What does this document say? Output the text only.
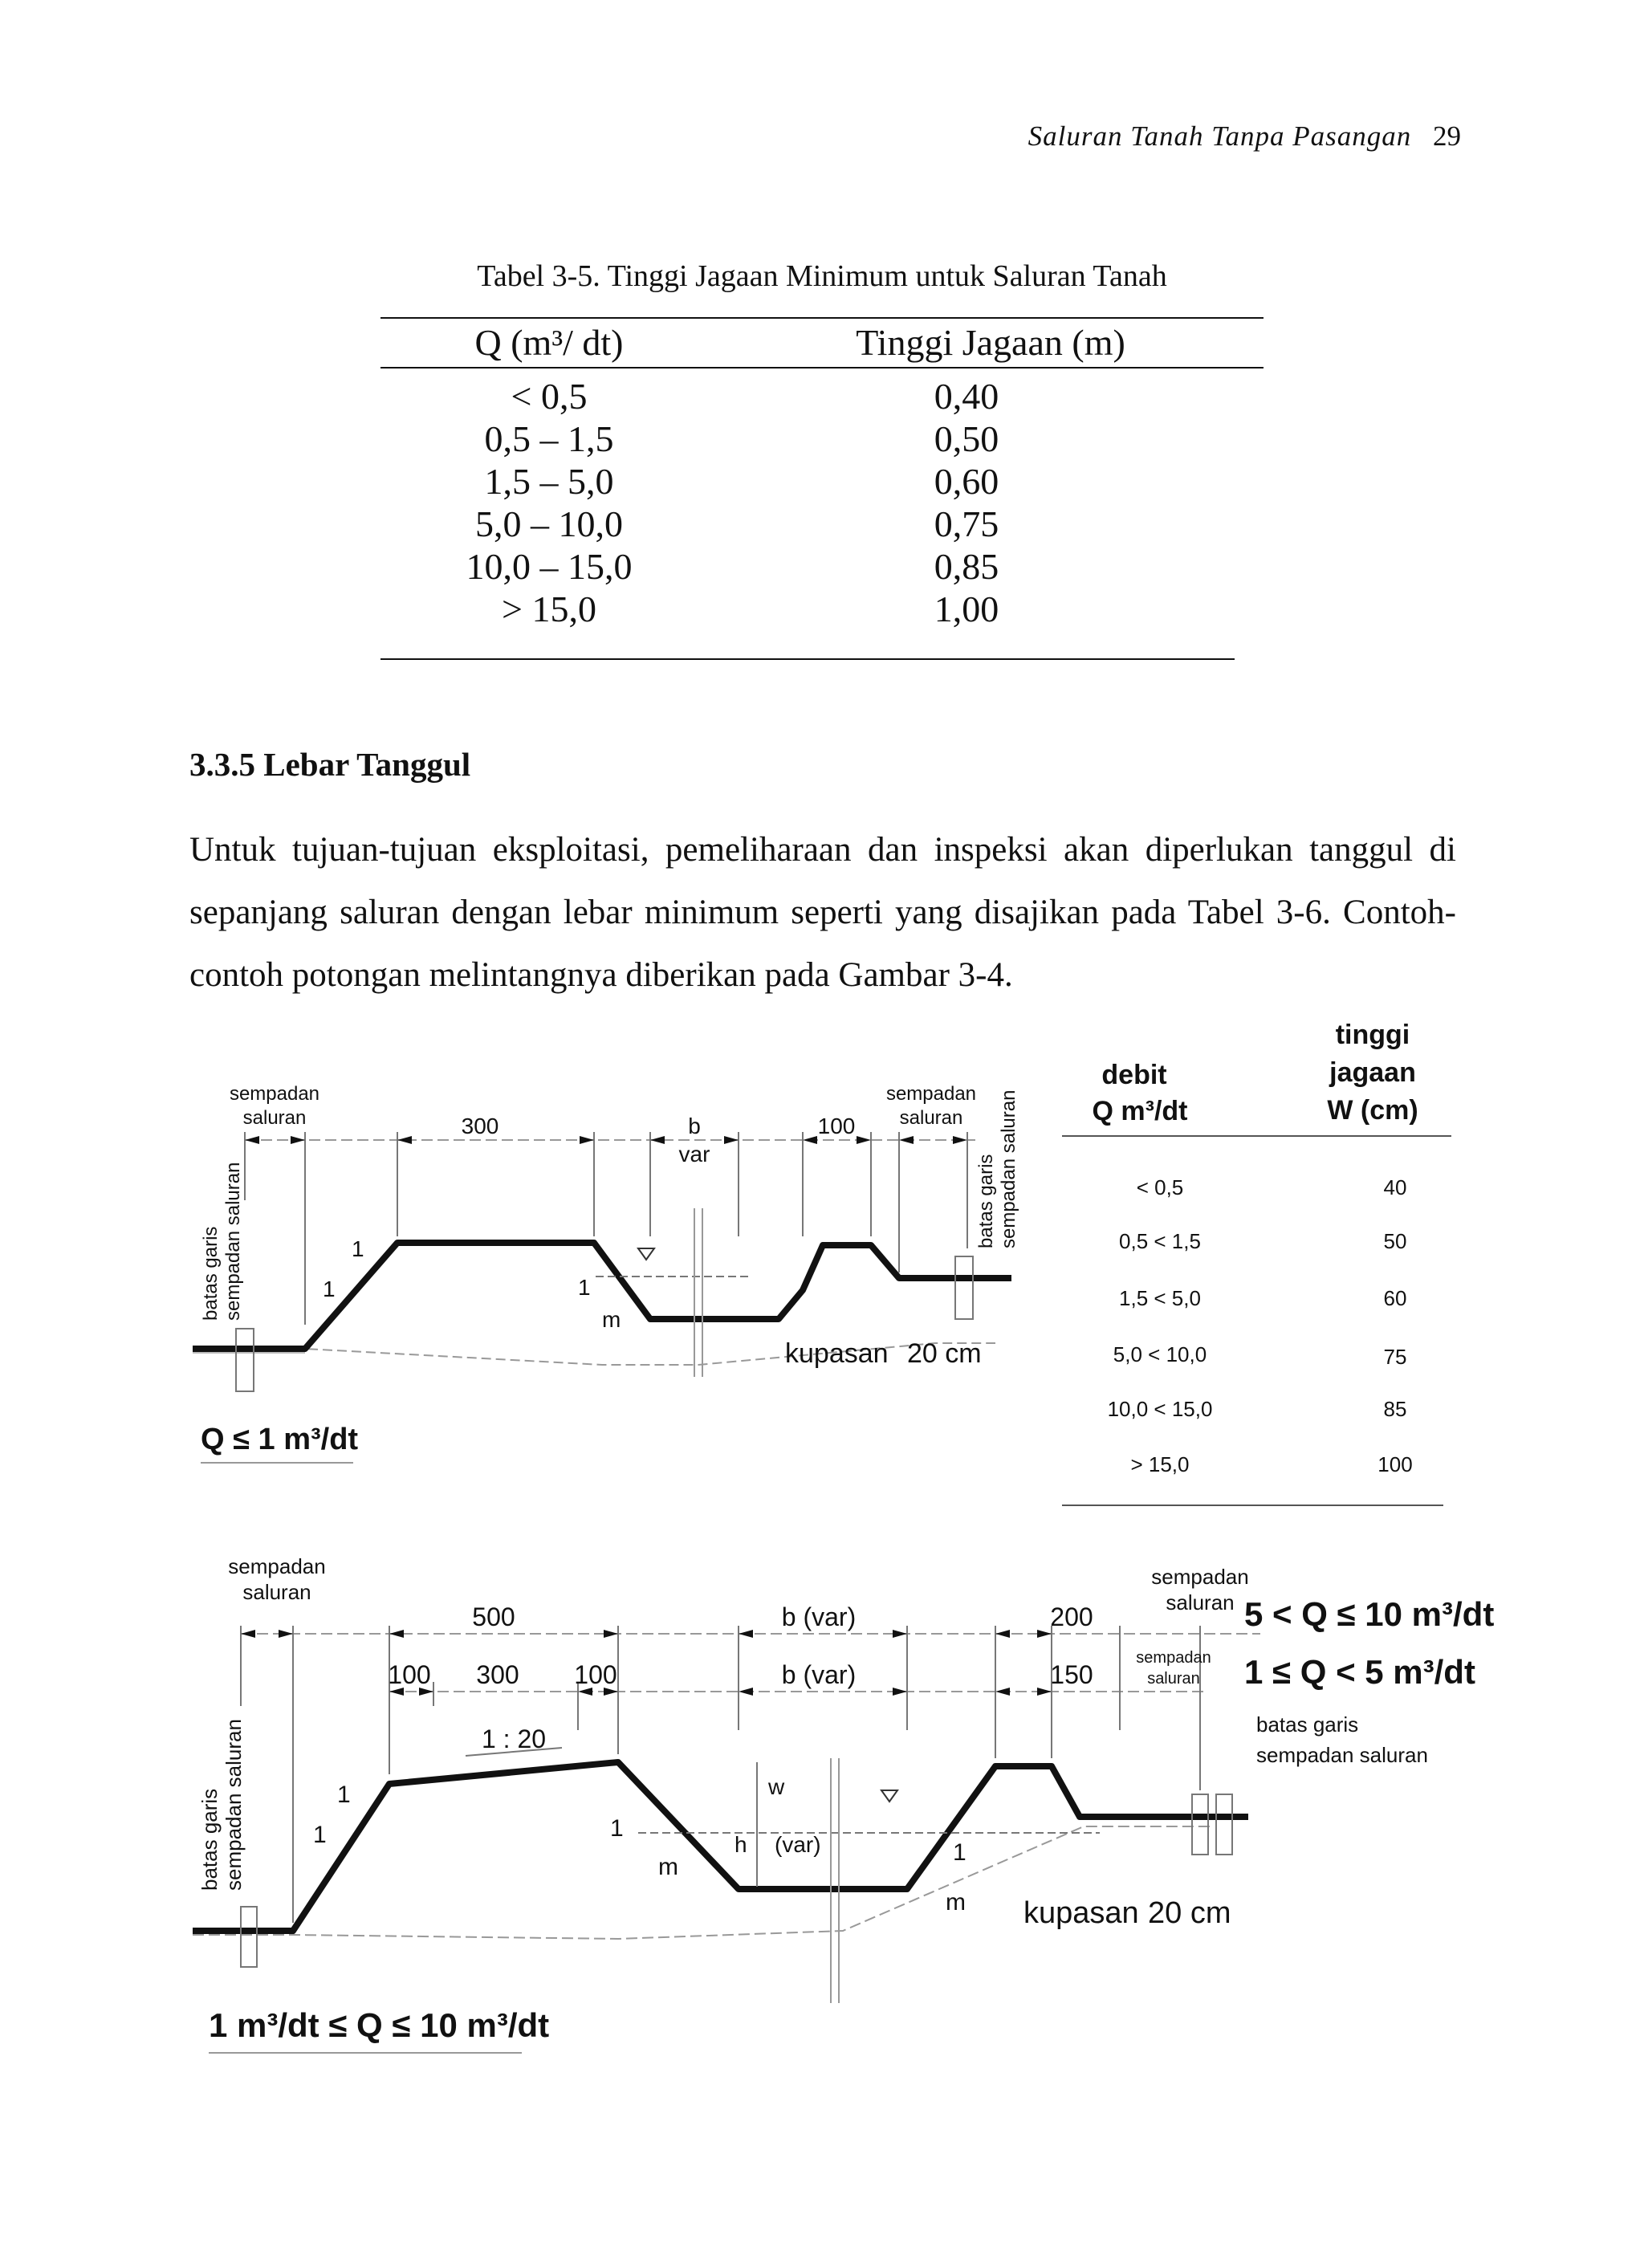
Saluran Tanah Tanpa Pasangan 29
Tabel 3-5. Tinggi Jagaan Minimum untuk Saluran Tanah
Q (m³/ dt)	Tinggi Jagaan (m)
< 0,5	0,40
0,5 – 1,5	0,50
1,5 – 5,0	0,60
5,0 – 10,0	0,75
10,0 – 15,0	0,85
> 15,0	1,00
3.3.5 Lebar Tanggul
Untuk tujuan-tujuan eksploitasi, pemeliharaan dan inspeksi akan diperlukan tanggul di sepanjang saluran dengan lebar minimum seperti yang disajikan pada Tabel 3-6. Contoh-contoh potongan melintangnya diberikan pada Gambar 3-4.
debit
Q m³/dt
tinggi
jagaan
W (cm)
< 0,5	40
0,5 < 1,5	50
1,5 < 5,0	60
5,0 < 10,0	75
10,0 < 15,0	85
> 15,0	100
sempadan
saluran
sempadan
saluran
300	b
var
100
batas garis sempadan saluran	batas garis sempadan saluran
1
1	1
m
kupasan 20 cm
Q ≤ 1 m³/dt
sempadan
saluran
sempadan
saluran
sempadan
saluran
500	b (var)	200
100 300 100	b (var)	150
1 : 20
batas garis sempadan saluran	1
1	1
m
1
m
w
h (var)
kupasan 20 cm
5 < Q ≤ 10 m³/dt
1 ≤ Q < 5 m³/dt
batas garis
sempadan saluran
1 m³/dt ≤ Q ≤ 10 m³/dt
